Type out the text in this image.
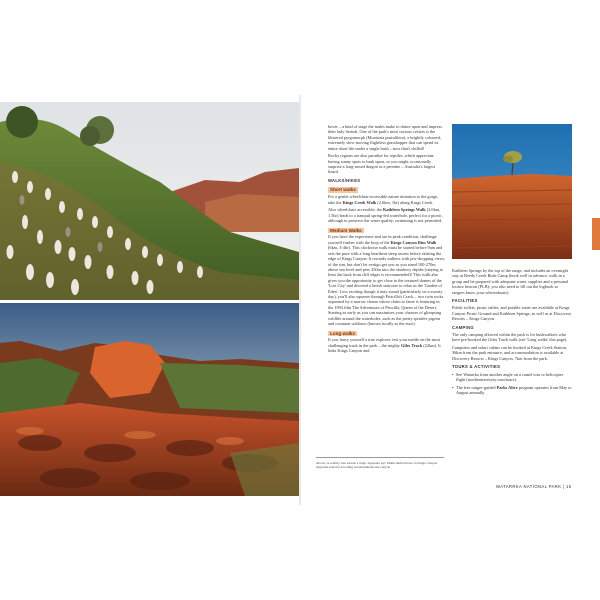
hover – a kind of stage the males make to dance upon and impress their lady friends. One of the park's most curious critters is the blistered pyrgomorph (Monistria pustulifera), a brightly coloured, extremely slow-moving flightless grasshopper that can spend its entire short life under a single bush – now that's chilled!

Rocky regions are also paradise for reptiles, which appreciate having sunny spots to bask upon, so you might occasionally surprise a long-nosed dragon or a perentie – Australia's largest lizard.

WALKS/HIKES
Short walks

For a gentle wheelchair-accessible nature initiation to the gorge, take the Kings Creek Walk (2.6km, 1hr) along Kings Creek.

Also wheelchair accessible, the Kathleen Springs Walk (2.6km, 1.5hr) leads to a tranquil spring-fed waterhole, perfect for a picnic, although to preserve the water quality, swimming is not permitted.

Medium Walks

If you have the experience and are in peak condition, challenge yourself further with the loop of the Kings Canyon Rim Walk (6km, 3-4hr). This clockwise walk must be started before 9am and sets the pace with a long heartbeat steep ascent before skirting the edge of Kings Canyon. It rewards walkers with jaw-dropping views of the rim, but don't let vertigo get you as you stand 100-270m above sea level and peer 250m into the shadowy depths (staying at least 2m back from cliff edges is recommended)! This walk also gives you the opportunity to get close to the textured domes of the 'Lost City' and descend a lavish staircase to relax in the 'Garden of Eden'. Less exciting though it may sound (particularly on a sweaty day), you'll also squeeze through Priscilla's Crack – two twin rocks separated by a narrow chasm whose claim to fame is featuring in the 1994 film The Adventures of Priscilla, Queen of the Desert. Starting as early as you can maximises your chances of glimpsing wildlife around the waterholes, such as the pretty spinifex pigeon and common wallaroo (known locally as the euro).

Long walks

If you fancy yourself a true explorer, test your mettle on the most challenging track in the park – the mighty Giles Track (22km). It links Kings Canyon and

Kathleen Springs by the top of the range, and includes an overnight stay at Reedy Creek Bush Camp (book well in advance, walk in a group and be prepared with adequate water, supplies and a personal locator beacon (PLB); you also need to fill out the logbook so rangers know your whereabouts).

FACILITIES

Public toilets, picnic tables, and potable water are available at Kings Canyon Picnic Ground and Kathleen Springs, as well as at Discovery Resorts – Kings Canyon.

CAMPING

The only camping allowed within the park is for bushwalkers who have pre-booked the Giles Track walk (see 'Long walks' this page).

Campsites and safari cabins can be booked at Kings Creek Station, 36km from the park entrance, and accommodation is available at Discovery Resorts – Kings Canyon, 7km from the park.

TOURS & ACTIVITIES
• See Watarrka from another angle on a camel tour or helicopter flight (northernterritory.com/tours).
• The free ranger-guided Parks Alive program operates from May to August annually.
Above: A solitary tree adorns a ridge. Opposite top: Mulla mulla flower in Kings Canyon. Opposite bottom: A bolting sun illuminates the canyon
WATARRKA NATIONAL PARK | 15
